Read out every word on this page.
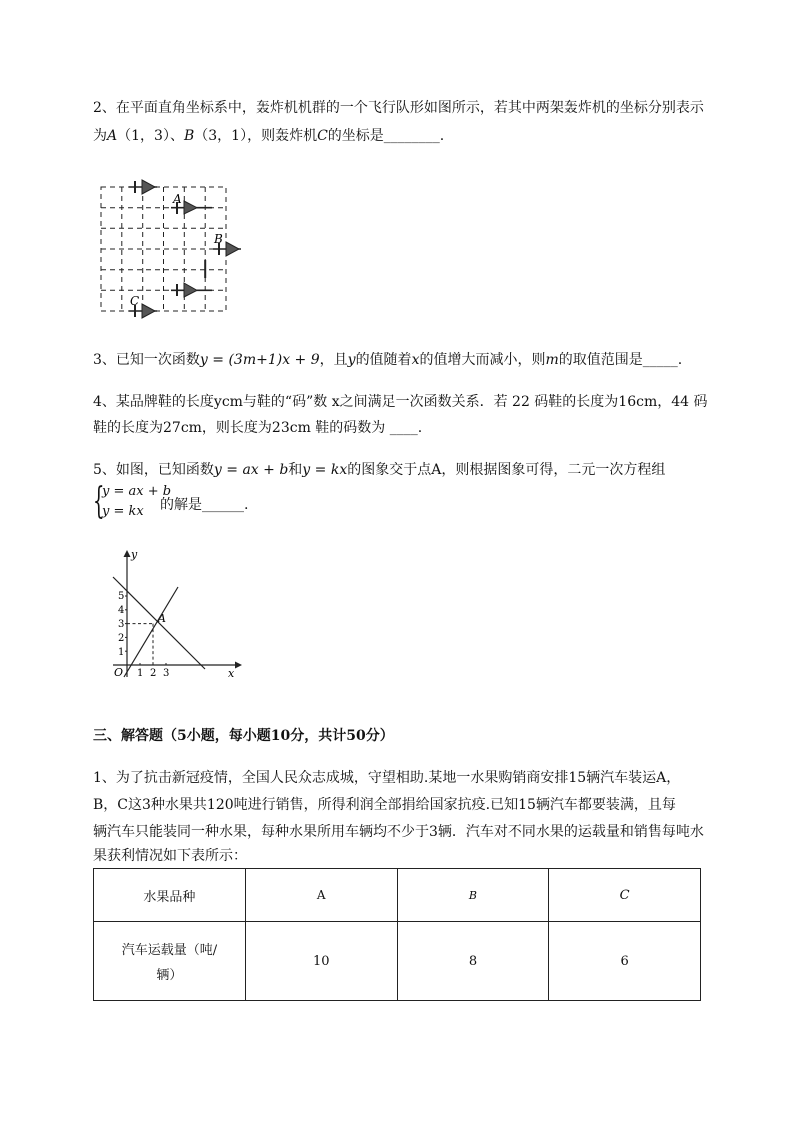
2、在平面直角坐标系中，轰炸机机群的一个飞行队形如图所示，若其中两架轰炸机的坐标分别表示
为A（1，3）、B（3，1），则轰炸机C的坐标是________.
A
B
C
3、已知一次函数y = (3m+1)x + 9，且y的值随着x的值增大而减小，则m的取值范围是_____.
4、某品牌鞋的长度ycm与鞋的“码”数 x之间满足一次函数关系．若 22 码鞋的长度为16cm，44 码
鞋的长度为27cm，则长度为23cm 鞋的码数为 ____.
5、如图，已知函数y = ax + b和y = kx的图象交于点A，则根据图象可得，二元一次方程组
{
y = ax + b
y = kx 的解是______.
y
x
O
A
1
2
3
4
5
1 2 3
三、解答题（5小题，每小题10分，共计50分）
1、为了抗击新冠疫情，全国人民众志成城，守望相助.某地一水果购销商安排15辆汽车装运A，
B，C这3种水果共120吨进行销售，所得利润全部捐给国家抗疫.已知15辆汽车都要装满，且每
辆汽车只能装同一种水果，每种水果所用车辆均不少于3辆．汽车对不同水果的运载量和销售每吨水
果获利情况如下表所示：
水果品种	A	B	C

汽车运载量（吨/
辆）	10	8	6
